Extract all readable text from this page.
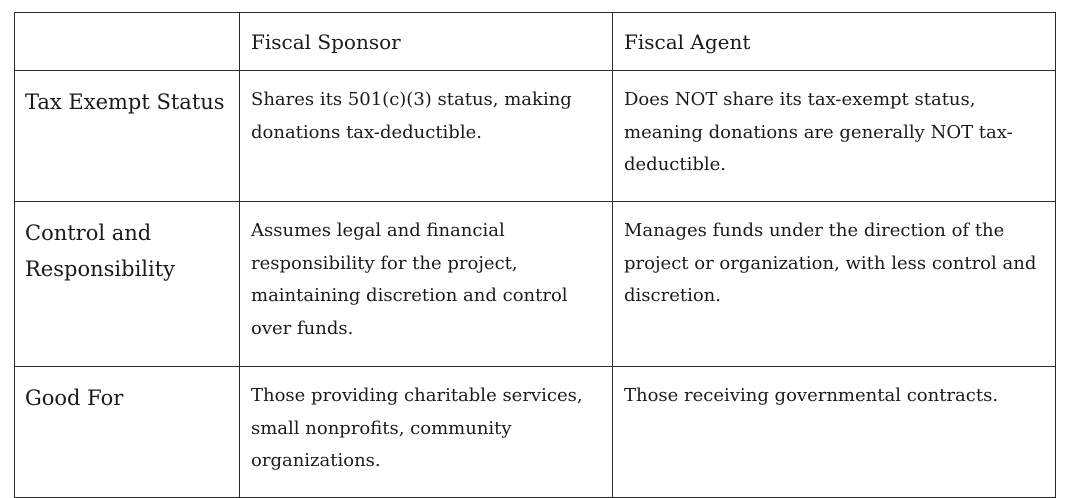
	Fiscal Sponsor	Fiscal Agent
Tax Exempt Status	Shares its 501(c)(3) status, making donations tax-deductible.	Does NOT share its tax-exempt status, meaning donations are generally NOT tax-deductible.
Control and Responsibility	Assumes legal and financial responsibility for the project, maintaining discretion and control over funds.	Manages funds under the direction of the project or organization, with less control and discretion.
Good For	Those providing charitable services, small nonprofits, community organizations.	Those receiving governmental contracts.
